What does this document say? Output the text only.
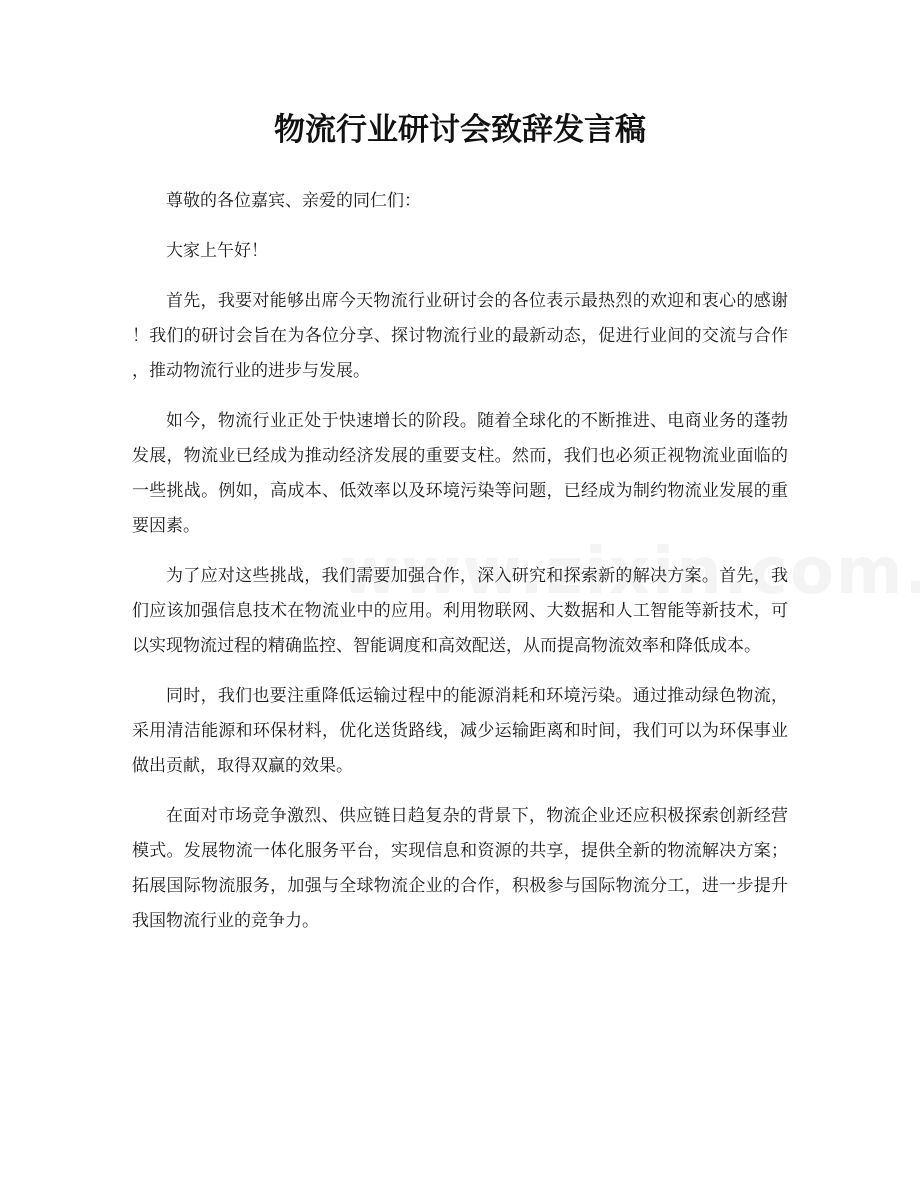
物流行业研讨会致辞发言稿

尊敬的各位嘉宾、亲爱的同仁们：

大家上午好！

首先，我要对能够出席今天物流行业研讨会的各位表示最热烈的欢迎和衷心的感谢！我们的研讨会旨在为各位分享、探讨物流行业的最新动态，促进行业间的交流与合作，推动物流行业的进步与发展。

如今，物流行业正处于快速增长的阶段。随着全球化的不断推进、电商业务的蓬勃发展，物流业已经成为推动经济发展的重要支柱。然而，我们也必须正视物流业面临的一些挑战。例如，高成本、低效率以及环境污染等问题，已经成为制约物流业发展的重要因素。

为了应对这些挑战，我们需要加强合作，深入研究和探索新的解决方案。首先，我们应该加强信息技术在物流业中的应用。利用物联网、大数据和人工智能等新技术，可以实现物流过程的精确监控、智能调度和高效配送，从而提高物流效率和降低成本。

同时，我们也要注重降低运输过程中的能源消耗和环境污染。通过推动绿色物流，采用清洁能源和环保材料，优化送货路线，减少运输距离和时间，我们可以为环保事业做出贡献，取得双赢的效果。

在面对市场竞争激烈、供应链日趋复杂的背景下，物流企业还应积极探索创新经营模式。发展物流一体化服务平台，实现信息和资源的共享，提供全新的物流解决方案；拓展国际物流服务，加强与全球物流企业的合作，积极参与国际物流分工，进一步提升我国物流行业的竞争力。
